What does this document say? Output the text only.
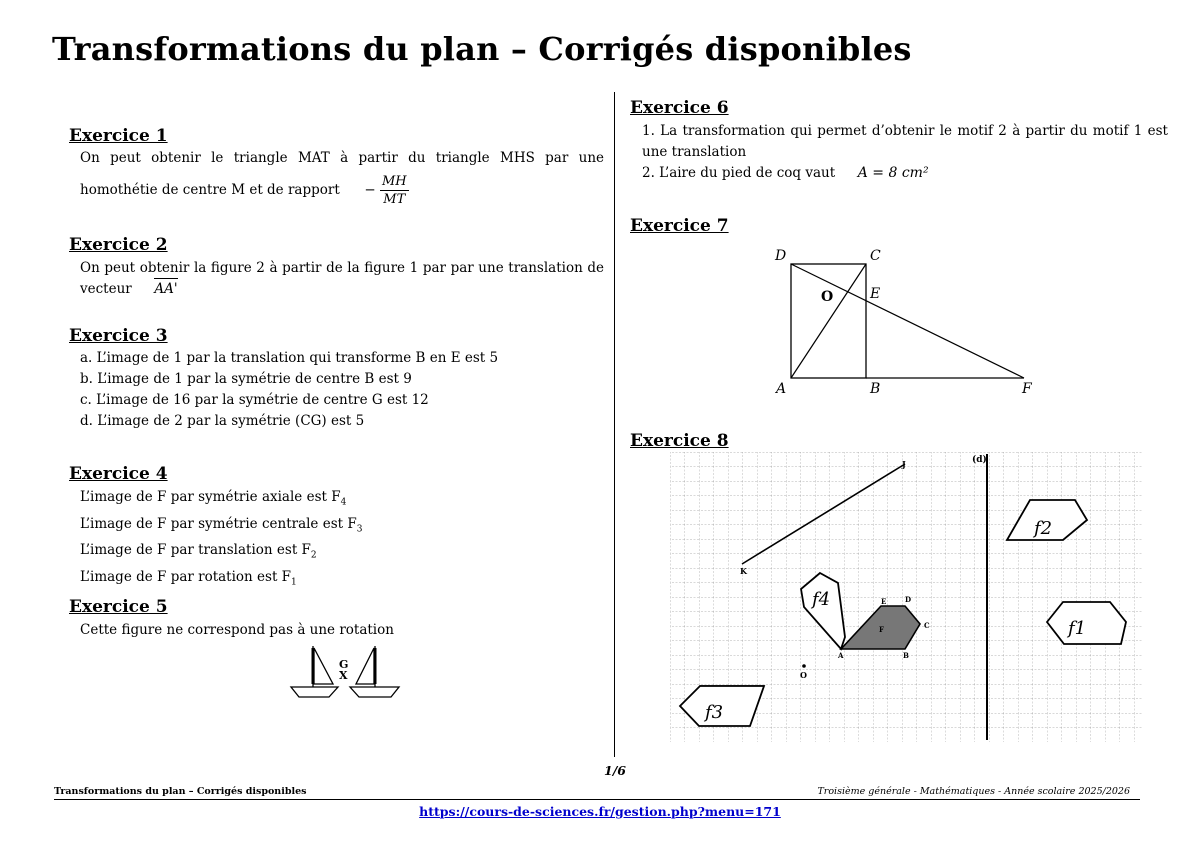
Transformations du plan – Corrigés disponibles
Exercice 1
On peut obtenir le triangle MAT à partir du triangle MHS par une
homothétie de centre M et de rapport − $\frac{MH}{MT}$
Exercice 2
On peut obtenir la figure 2 à partir de la figure 1 par par une translation de
vecteur AA'
Exercice 3
a. L’image de 1 par la translation qui transforme B en E est 5
b. L’image de 1 par la symétrie de centre B est 9
c. L’image de 16 par la symétrie de centre G est 12
d. L’image de 2 par la symétrie (CG) est 5
Exercice 4
L’image de F par symétrie axiale est $F_4$
L’image de F par symétrie centrale est $F_3$
L’image de F par translation est $F_2$
L’image de F par rotation est $F_1$
Exercice 5
Cette figure ne correspond pas à une rotation
G
X
Exercice 6
1. La transformation qui permet d’obtenir le motif 2 à partir du motif 1 est
une translation
2. L’aire du pied de coq vaut A = 8 cm²
Exercice 7
D	C
O	E
A	B	F
Exercice 8
(d)
J
K
f4	E	D
C
B
A
F
O
f2
f1
f3
1/6
Transformations du plan – Corrigés disponibles	Troisième générale - Mathématiques - Année scolaire 2025/2026
https://cours-de-sciences.fr/gestion.php?menu=171
